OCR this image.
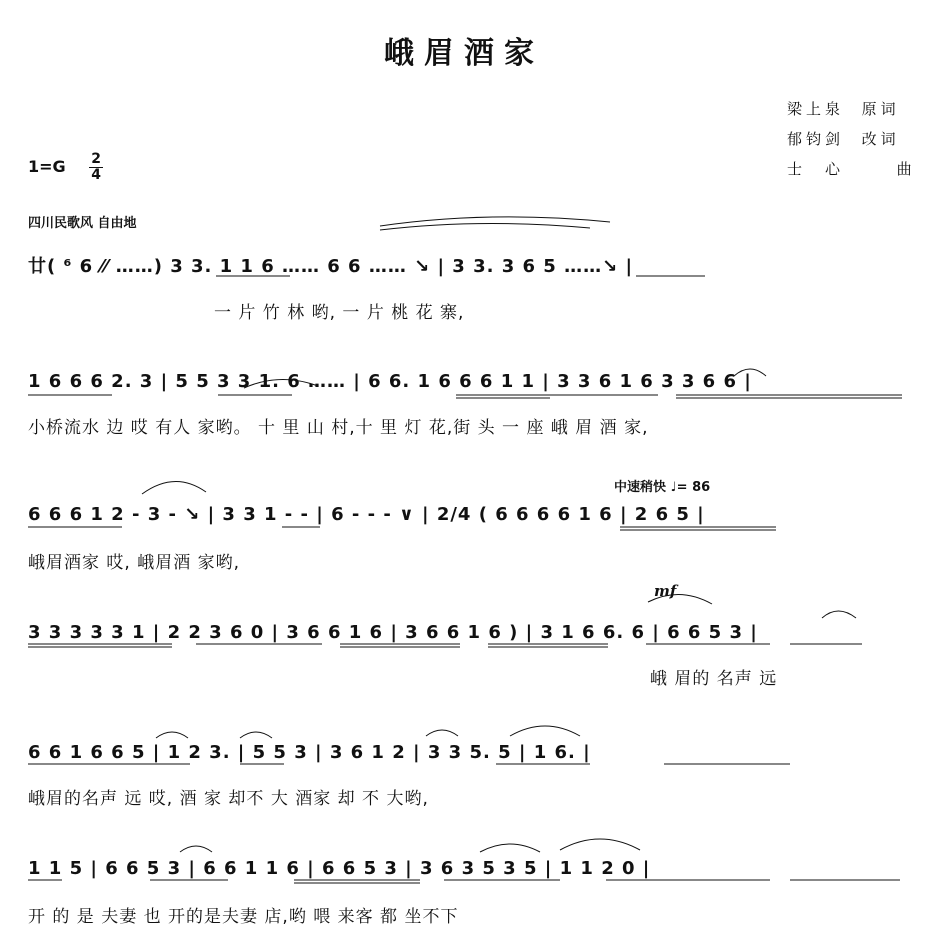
峨眉酒家
梁上泉 原词
郁钧剑 改词
士　心	曲
$1=G \frac{2}{4}$
四川民歌风 自由地
中速稍快 ♩= 86
mf
廿( ⁶ 6 ⁄⁄ ……) 3 3. 1 1 6 …… 6 6 …… ↘ | 3 3. 3 6 5 ……↘ |
一 片 竹 林 哟, 一 片 桃 花 寨,
1 6 6 6 2. 3 | 5 5 3 3 1. 6 …… | 6 6. 1 6 6 6 1 1 | 3 3 6 1 6 3 3 6 6 |
小桥流水 边 哎 有人 家哟。 十 里 山 村,十 里 灯 花,街 头 一 座 峨 眉 酒 家,
6 6 6 1 2 - 3 - ↘ | 3 3 1 - - | 6 - - - ∨ | 2/4 ( 6 6 6 6 1 6 | 2 6 5 |
峨眉酒家 哎, 峨眉酒 家哟,
3 3 3 3 3 1 | 2 2 3 6 0 | 3 6 6 1 6 | 3 6 6 1 6 ) | 3 1 6 6. 6 | 6 6 5 3 |
峨 眉的 名声 远
6 6 1 6 6 5 | 1 2 3. | 5 5 3 | 3 6 1 2 | 3 3 5. 5 | 1 6. |
峨眉的名声 远 哎, 酒 家 却不 大 酒家 却 不 大哟,
1 1 5 | 6 6 5 3 | 6 6 1 1 6 | 6 6 5 3 | 3 6 3 5 3 5 | 1 1 2 0 |
开 的 是 夫妻 也 开的是夫妻 店,哟 喂 来客 都 坐不下
